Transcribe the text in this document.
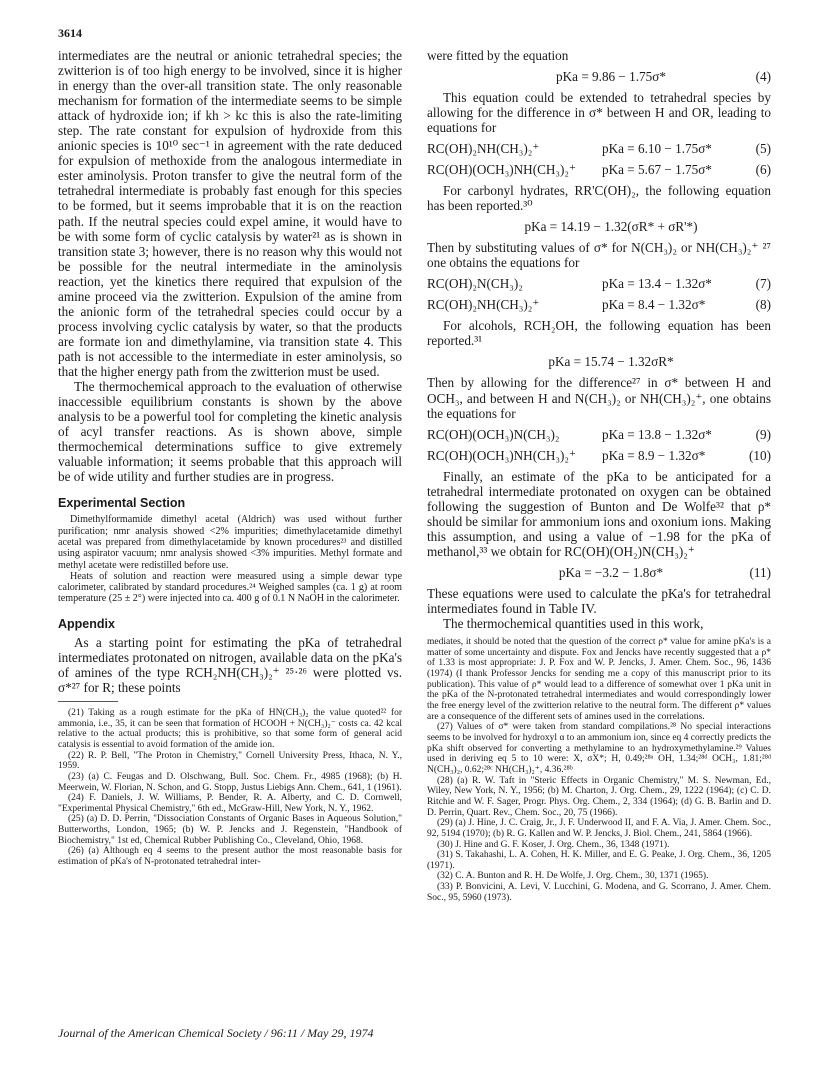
3614

intermediates are the neutral or anionic tetrahedral species; the zwitterion is of too high energy to be involved, since it is higher in energy than the over-all transition state. The only reasonable mechanism for formation of the intermediate seems to be simple attack of hydroxide ion; if kh > kc this is also the rate-limiting step. The rate constant for expulsion of hydroxide from this anionic species is 10¹⁰ sec⁻¹ in agreement with the rate deduced for expulsion of methoxide from the analogous intermediate in ester aminolysis. Proton transfer to give the neutral form of the tetrahedral intermediate is probably fast enough for this species to be formed, but it seems improbable that it is on the reaction path. If the neutral species could expel amine, it would have to be with some form of cyclic catalysis by water²¹ as is shown in transition state 3; however, there is no reason why this would not be possible for the neutral intermediate in the aminolysis reaction, yet the kinetics there required that expulsion of the amine proceed via the zwitterion. Expulsion of the amine from the anionic form of the tetrahedral species could occur by a process involving cyclic catalysis by water, so that the products are formate ion and dimethylamine, via transition state 4. This path is not accessible to the intermediate in ester aminolysis, so that the higher energy path from the zwitterion must be used.

The thermochemical approach to the evaluation of otherwise inaccessible equilibrium constants is shown by the above analysis to be a powerful tool for completing the kinetic analysis of acyl transfer reactions. As is shown above, simple thermochemical determinations suffice to give extremely valuable information; it seems probable that this approach will be of wide utility and further studies are in progress.

Experimental Section

Dimethylformamide dimethyl acetal (Aldrich) was used without further purification; nmr analysis showed <2% impurities; dimethylacetamide dimethyl acetal was prepared from dimethylacetamide by known procedures²³ and distilled using aspirator vacuum; nmr analysis showed <3% impurities. Methyl formate and methyl acetate were redistilled before use.

Heats of solution and reaction were measured using a simple dewar type calorimeter, calibrated by standard procedures.²⁴ Weighed samples (ca. 1 g) at room temperature (25 ± 2°) were injected into ca. 400 g of 0.1 N NaOH in the calorimeter.

Appendix

As a starting point for estimating the pKa of tetrahedral intermediates protonated on nitrogen, available data on the pKa's of amines of the type RCH₂NH(CH₃)₂⁺ ²⁵·²⁶ were plotted vs. σ*²⁷ for R; these points

(21) Taking as a rough estimate for the pKa of HN(CH₃)₂ the value quoted²² for ammonia, i.e., 35, it can be seen that formation of HCOOH + N(CH₃)₂⁻ costs ca. 42 kcal relative to the actual products; this is prohibitive, so that some form of general acid catalysis is essential to avoid formation of the amide ion.

(22) R. P. Bell, "The Proton in Chemistry," Cornell University Press, Ithaca, N. Y., 1959.

(23) (a) C. Feugas and D. Olschwang, Bull. Soc. Chem. Fr., 4985 (1968); (b) H. Meerwein, W. Florian, N. Schon, and G. Stopp, Justus Liebigs Ann. Chem., 641, 1 (1961).

(24) F. Daniels, J. W. Williams, P. Bender, R. A. Alberty, and C. D. Cornwell, "Experimental Physical Chemistry," 6th ed., McGraw-Hill, New York, N. Y., 1962.

(25) (a) D. D. Perrin, "Dissociation Constants of Organic Bases in Aqueous Solution," Butterworths, London, 1965; (b) W. P. Jencks and J. Regenstein, "Handbook of Biochemistry," 1st ed, Chemical Rubber Publishing Co., Cleveland, Ohio, 1968.

(26) (a) Although eq 4 seems to the present author the most reasonable basis for estimation of pKa's of N-protonated tetrahedral inter-

were fitted by the equation

pKa = 9.86 − 1.75σ*	(4)

This equation could be extended to tetrahedral species by allowing for the difference in σ* between H and OR, leading to equations for

RC(OH)₂NH(CH₃)₂⁺	pKa = 6.10 − 1.75σ*	(5)
RC(OH)(OCH₃)NH(CH₃)₂⁺	pKa = 5.67 − 1.75σ*	(6)

For carbonyl hydrates, RR'C(OH)₂, the following equation has been reported.³⁰

pKa = 14.19 − 1.32(σR* + σR'*)

Then by substituting values of σ* for N(CH₃)₂ or NH(CH₃)₂⁺ ²⁷ one obtains the equations for

RC(OH)₂N(CH₃)₂	pKa = 13.4 − 1.32σ*	(7)
RC(OH)₂NH(CH₃)₂⁺	pKa = 8.4 − 1.32σ*	(8)

For alcohols, RCH₂OH, the following equation has been reported.³¹

pKa = 15.74 − 1.32σR*

Then by allowing for the difference²⁷ in σ* between H and OCH₃, and between H and N(CH₃)₂ or NH(CH₃)₂⁺, one obtains the equations for

RC(OH)(OCH₃)N(CH₃)₂	pKa = 13.8 − 1.32σ*	(9)
RC(OH)(OCH₃)NH(CH₃)₂⁺	pKa = 8.9 − 1.32σ*	(10)

Finally, an estimate of the pKa to be anticipated for a tetrahedral intermediate protonated on oxygen can be obtained following the suggestion of Bunton and De Wolfe³² that ρ* should be similar for ammonium ions and oxonium ions. Making this assumption, and using a value of −1.98 for the pKa of methanol,³³ we obtain for RC(OH)(OH₂)N(CH₃)₂⁺

pKa = −3.2 − 1.8σ*	(11)

These equations were used to calculate the pKa's for tetrahedral intermediates found in Table IV.

The thermochemical quantities used in this work,

mediates, it should be noted that the question of the correct ρ* value for amine pKa's is a matter of some uncertainty and dispute. Fox and Jencks have recently suggested that a ρ* of 1.33 is most appropriate: J. P. Fox and W. P. Jencks, J. Amer. Chem. Soc., 96, 1436 (1974) (I thank Professor Jencks for sending me a copy of this manuscript prior to its publication). This value of ρ* would lead to a difference of somewhat over 1 pKa unit in the pKa of the N-protonated tetrahedral intermediates and would correspondingly lower the free energy level of the zwitterion relative to the neutral form. The different ρ* values are a consequence of the different sets of amines used in the correlations.

(27) Values of σ* were taken from standard compilations.²⁸ No special interactions seems to be involved for hydroxyl α to an ammonium ion, since eq 4 correctly predicts the pKa shift observed for converting a methylamine to an hydroxymethylamine.²⁹ Values used in deriving eq 5 to 10 were: X, σX*; H, 0.49;²⁸ᵃ OH, 1.34;²⁸ᵈ OCH₃, 1.81;²⁸ᵈ N(CH₃)₂, 0.62;²⁸ᶜ NH(CH₃)₂⁺, 4.36.²⁸ᵇ

(28) (a) R. W. Taft in "Steric Effects in Organic Chemistry," M. S. Newman, Ed., Wiley, New York, N. Y., 1956; (b) M. Charton, J. Org. Chem., 29, 1222 (1964); (c) C. D. Ritchie and W. F. Sager, Progr. Phys. Org. Chem., 2, 334 (1964); (d) G. B. Barlin and D. D. Perrin, Quart. Rev., Chem. Soc., 20, 75 (1966).

(29) (a) J. Hine, J. C. Craig, Jr., J. F. Underwood II, and F. A. Via, J. Amer. Chem. Soc., 92, 5194 (1970); (b) R. G. Kallen and W. P. Jencks, J. Biol. Chem., 241, 5864 (1966).

(30) J. Hine and G. F. Koser, J. Org. Chem., 36, 1348 (1971).

(31) S. Takahashi, L. A. Cohen, H. K. Miller, and E. G. Peake, J. Org. Chem., 36, 1205 (1971).

(32) C. A. Bunton and R. H. De Wolfe, J. Org. Chem., 30, 1371 (1965).

(33) P. Bonvicini, A. Levi, V. Lucchini, G. Modena, and G. Scorrano, J. Amer. Chem. Soc., 95, 5960 (1973).

Journal of the American Chemical Society / 96:11 / May 29, 1974
